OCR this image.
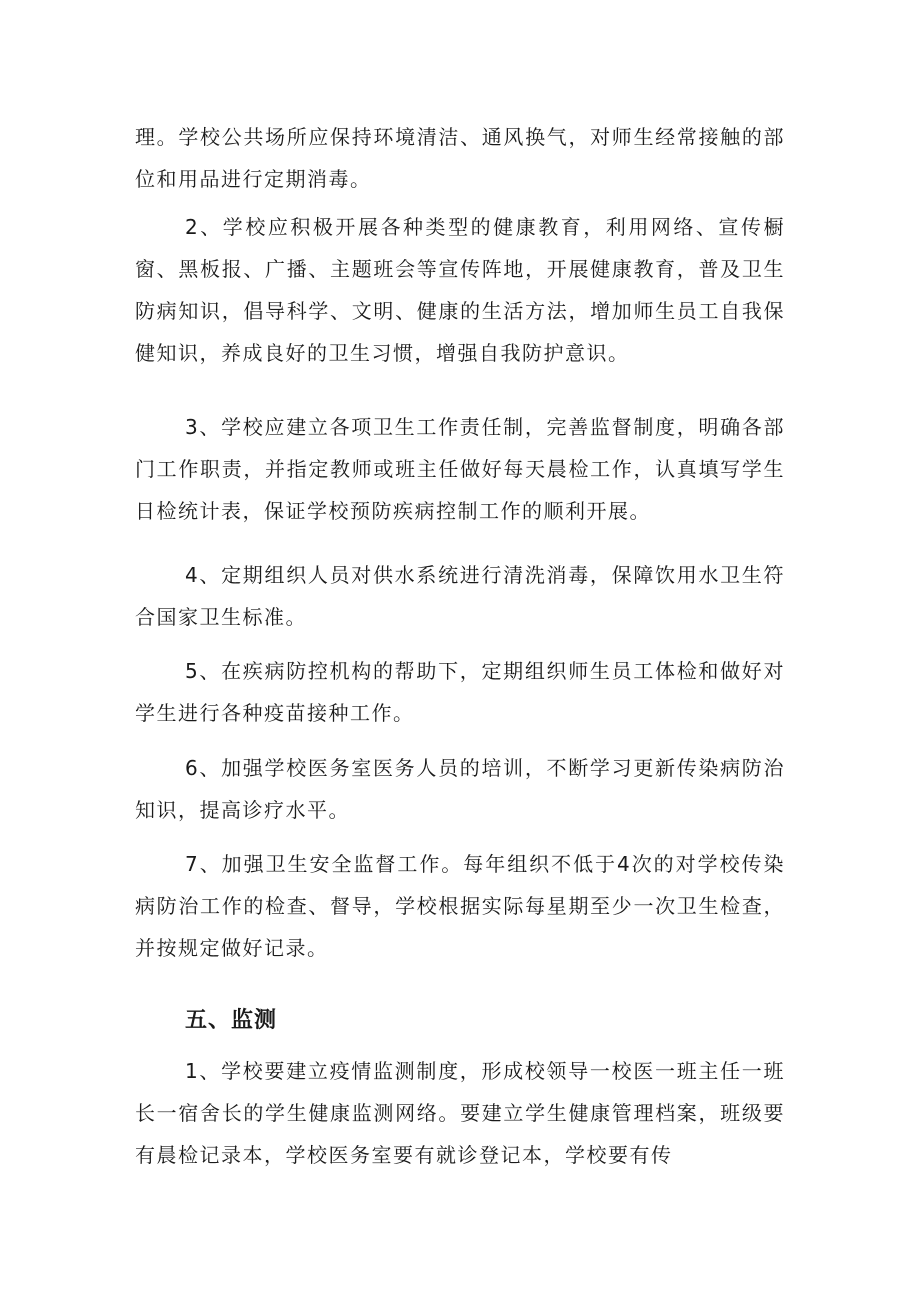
理。学校公共场所应保持环境清洁、通风换气，对师生经常接触的部位和用品进行定期消毒。

2、学校应积极开展各种类型的健康教育，利用网络、宣传橱窗、黑板报、广播、主题班会等宣传阵地，开展健康教育，普及卫生防病知识，倡导科学、文明、健康的生活方法，增加师生员工自我保健知识，养成良好的卫生习惯，增强自我防护意识。

3、学校应建立各项卫生工作责任制，完善监督制度，明确各部门工作职责，并指定教师或班主任做好每天晨检工作，认真填写学生日检统计表，保证学校预防疾病控制工作的顺利开展。

4、定期组织人员对供水系统进行清洗消毒，保障饮用水卫生符合国家卫生标准。

5、在疾病防控机构的帮助下，定期组织师生员工体检和做好对学生进行各种疫苗接种工作。

6、加强学校医务室医务人员的培训，不断学习更新传染病防治知识，提高诊疗水平。

7、加强卫生安全监督工作。每年组织不低于4次的对学校传染病防治工作的检查、督导，学校根据实际每星期至少一次卫生检查，并按规定做好记录。

五、监测

1、学校要建立疫情监测制度，形成校领导一校医一班主任一班长一宿舍长的学生健康监测网络。要建立学生健康管理档案，班级要有晨检记录本，学校医务室要有就诊登记本，学校要有传
